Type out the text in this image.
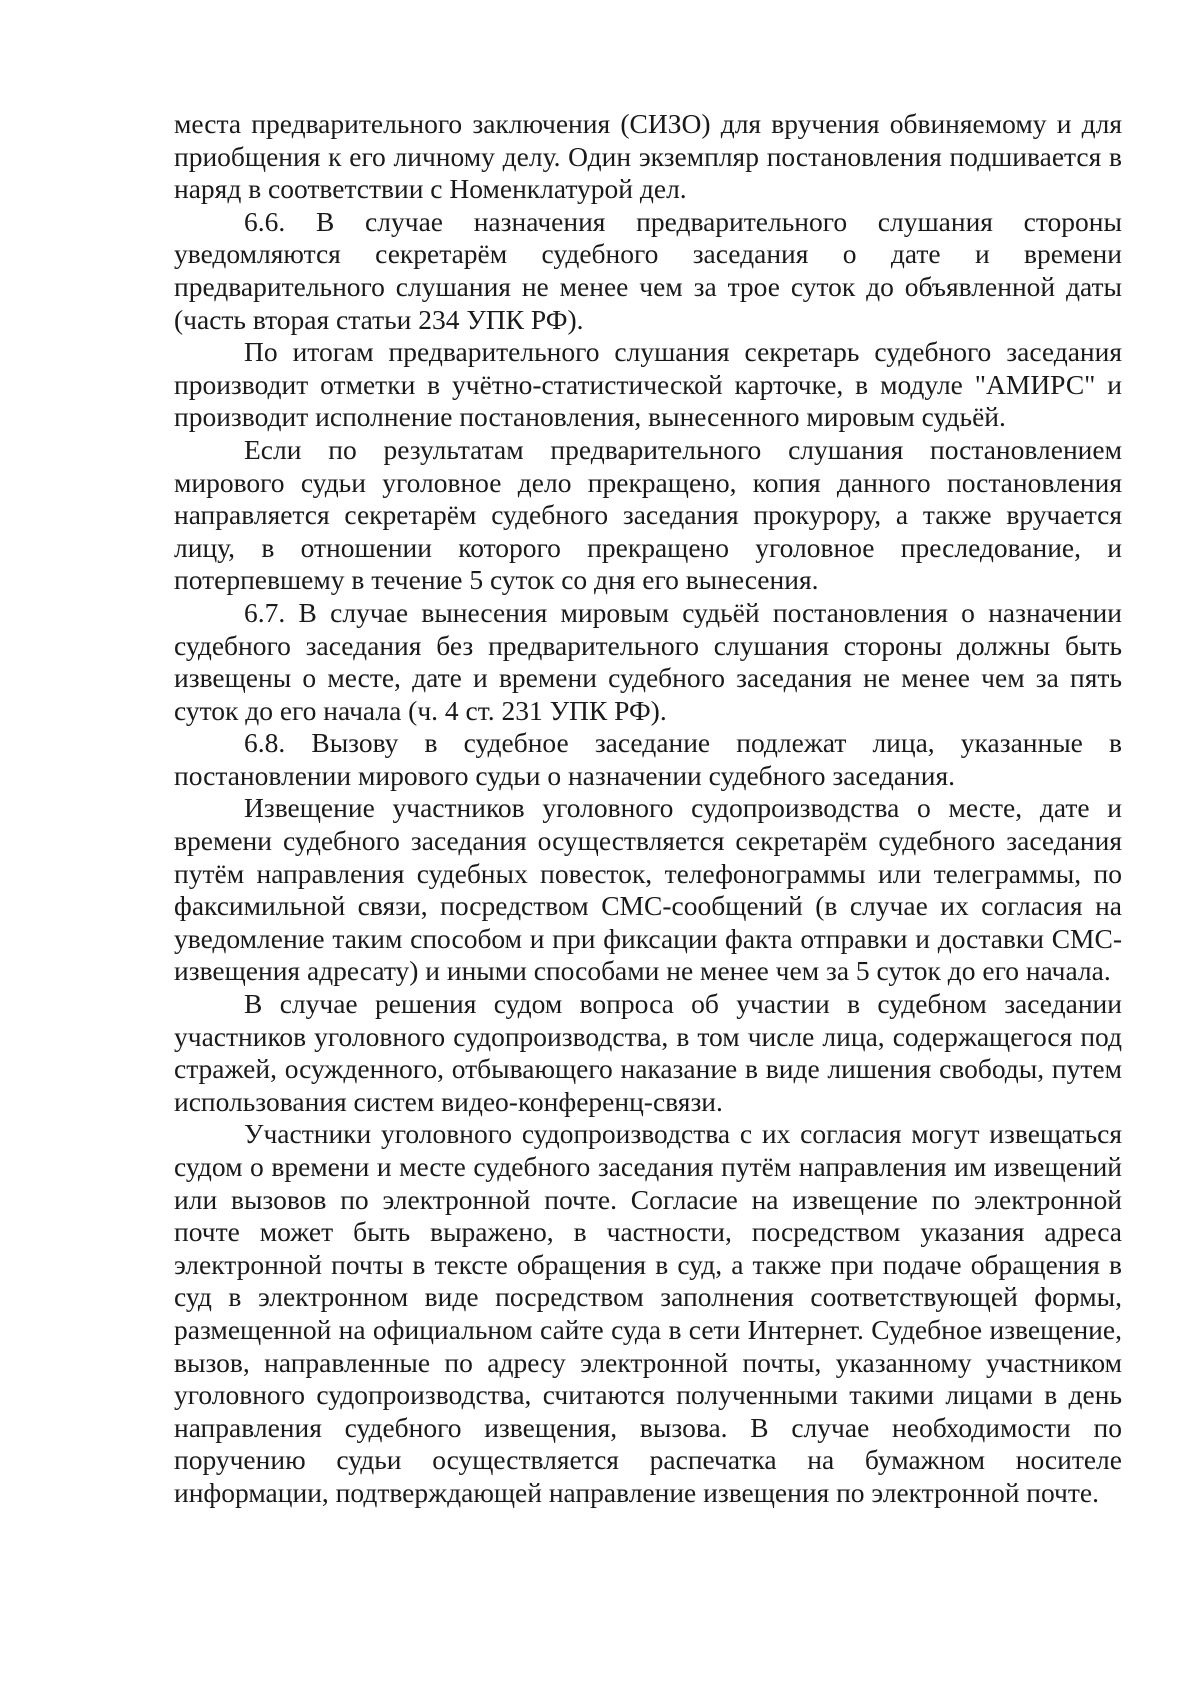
места предварительного заключения (СИЗО) для вручения обвиняемому и для приобщения к его личному делу. Один экземпляр постановления подшивается в наряд в соответствии с Номенклатурой дел.

6.6. В случае назначения предварительного слушания стороны уведомляются секретарём судебного заседания о дате и времени предварительного слушания не менее чем за трое суток до объявленной даты (часть вторая статьи 234 УПК РФ).

По итогам предварительного слушания секретарь судебного заседания производит отметки в учётно-статистической карточке, в модуле "АМИРС" и производит исполнение постановления, вынесенного мировым судьёй.

Если по результатам предварительного слушания постановлением мирового судьи уголовное дело прекращено, копия данного постановления направляется секретарём судебного заседания прокурору, а также вручается лицу, в отношении которого прекращено уголовное преследование, и потерпевшему в течение 5 суток со дня его вынесения.

6.7. В случае вынесения мировым судьёй постановления о назначении судебного заседания без предварительного слушания стороны должны быть извещены о месте, дате и времени судебного заседания не менее чем за пять суток до его начала (ч. 4 ст. 231 УПК РФ).

6.8. Вызову в судебное заседание подлежат лица, указанные в постановлении мирового судьи о назначении судебного заседания.

Извещение участников уголовного судопроизводства о месте, дате и времени судебного заседания осуществляется секретарём судебного заседания путём направления судебных повесток, телефонограммы или телеграммы, по факсимильной связи, посредством СМС-сообщений (в случае их согласия на уведомление таким способом и при фиксации факта отправки и доставки СМС-извещения адресату) и иными способами не менее чем за 5 суток до его начала.

В случае решения судом вопроса об участии в судебном заседании участников уголовного судопроизводства, в том числе лица, содержащегося под стражей, осужденного, отбывающего наказание в виде лишения свободы, путем использования систем видео-конференц-связи.

Участники уголовного судопроизводства с их согласия могут извещаться судом о времени и месте судебного заседания путём направления им извещений или вызовов по электронной почте. Согласие на извещение по электронной почте может быть выражено, в частности, посредством указания адреса электронной почты в тексте обращения в суд, а также при подаче обращения в суд в электронном виде посредством заполнения соответствующей формы, размещенной на официальном сайте суда в сети Интернет. Судебное извещение, вызов, направленные по адресу электронной почты, указанному участником уголовного судопроизводства, считаются полученными такими лицами в день направления судебного извещения, вызова. В случае необходимости по поручению судьи осуществляется распечатка на бумажном носителе информации, подтверждающей направление извещения по электронной почте.
